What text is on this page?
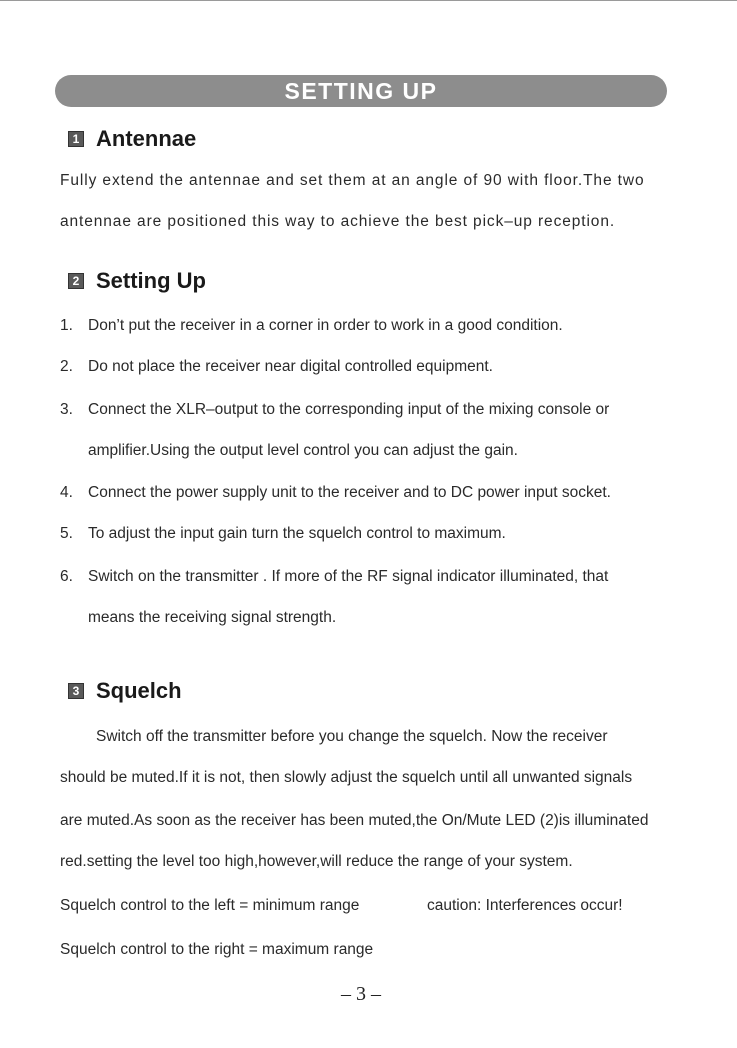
SETTING UP
1 Antennae
Fully extend the antennae and set them at an angle of 90 with floor.The two
antennae are positioned this way to achieve the best pick–up reception.
2 Setting Up
1. Don’t put the receiver in a corner in order to work in a good condition.
2. Do not place the receiver near digital controlled equipment.
3. Connect the XLR–output to the corresponding input of the mixing console or
amplifier.Using the output level control you can adjust the gain.
4. Connect the power supply unit to the receiver and to DC power input socket.
5. To adjust the input gain turn the squelch control to maximum.
6. Switch on the transmitter . If more of the RF signal indicator illuminated, that
means the receiving signal strength.
3 Squelch
Switch off the transmitter before you change the squelch. Now the receiver
should be muted.If it is not, then slowly adjust the squelch until all unwanted signals
are muted.As soon as the receiver has been muted,the On/Mute LED (2)is illuminated
red.setting the level too high,however,will reduce the range of your system.
Squelch control to the left = minimum range	caution: Interferences occur!
Squelch control to the right = maximum range
– 3 –
